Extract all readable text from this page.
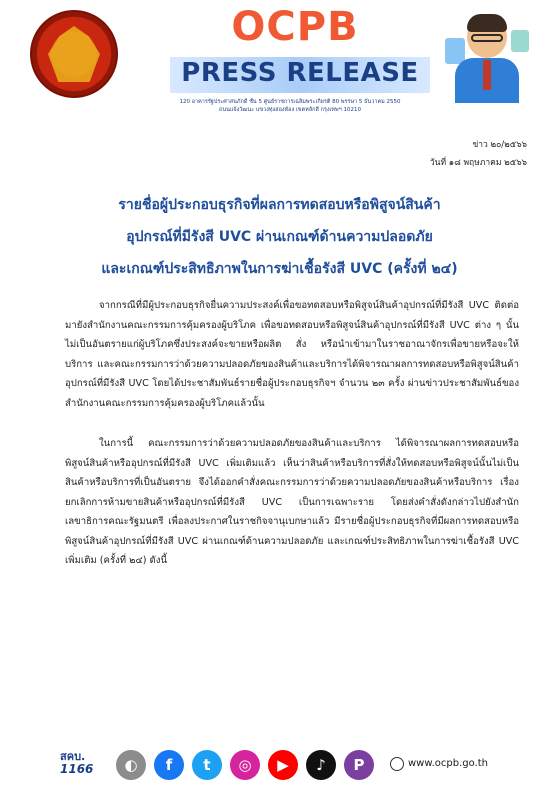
OCPB
PRESS RELEASE
120 อาคารรัฐประศาสนภักดี ชั้น 5 ศูนย์ราชการเฉลิมพระเกียรติ 80 พรรษา 5 ธันวาคม 2550
ถนนแจ้งวัฒนะ แขวงทุ่งสองห้อง เขตหลักสี่ กรุงเทพฯ 10210
ข่าว ๒๐/๒๕๖๖
วันที่ ๑๘ พฤษภาคม ๒๕๖๖
รายชื่อผู้ประกอบธุรกิจที่ผลการทดสอบหรือพิสูจน์สินค้า
อุปกรณ์ที่มีรังสี UVC ผ่านเกณฑ์ด้านความปลอดภัย
และเกณฑ์ประสิทธิภาพในการฆ่าเชื้อรังสี UVC (ครั้งที่ ๒๔)
จากกรณีที่มีผู้ประกอบธุรกิจยื่นความประสงค์เพื่อขอทดสอบหรือพิสูจน์สินค้าอุปกรณ์ที่มีรังสี UVC ติดต่อมายังสำนักงานคณะกรรมการคุ้มครองผู้บริโภค เพื่อขอทดสอบหรือพิสูจน์สินค้าอุปกรณ์ที่มีรังสี UVC ต่าง ๆ นั้นไม่เป็นอันตรายแก่ผู้บริโภคซึ่งประสงค์จะขายหรือผลิต สั่ง หรือนำเข้ามาในราชอาณาจักรเพื่อขายหรือจะให้บริการ และคณะกรรมการว่าด้วยความปลอดภัยของสินค้าและบริการได้พิจารณาผลการทดสอบหรือพิสูจน์สินค้าอุปกรณ์ที่มีรังสี UVC โดยได้ประชาสัมพันธ์รายชื่อผู้ประกอบธุรกิจฯ จำนวน ๒๓ ครั้ง ผ่านข่าวประชาสัมพันธ์ของสำนักงานคณะกรรมการคุ้มครองผู้บริโภคแล้วนั้น
ในการนี้ คณะกรรมการว่าด้วยความปลอดภัยของสินค้าและบริการ ได้พิจารณาผลการทดสอบหรือพิสูจน์สินค้าหรืออุปกรณ์ที่มีรังสี UVC เพิ่มเติมแล้ว เห็นว่าสินค้าหรือบริการที่สั่งให้ทดสอบหรือพิสูจน์นั้นไม่เป็นสินค้าหรือบริการที่เป็นอันตราย จึงได้ออกคำสั่งคณะกรรมการว่าด้วยความปลอดภัยของสินค้าหรือบริการ เรื่อง ยกเลิกการห้ามขายสินค้าหรืออุปกรณ์ที่มีรังสี UVC เป็นการเฉพาะราย โดยส่งคำสั่งดังกล่าวไปยังสำนักเลขาธิการคณะรัฐมนตรี เพื่อลงประกาศในราชกิจจานุเบกษาแล้ว มีรายชื่อผู้ประกอบธุรกิจที่มีผลการทดสอบหรือพิสูจน์สินค้าอุปกรณ์ที่มีรังสี UVC ผ่านเกณฑ์ด้านความปลอดภัย และเกณฑ์ประสิทธิภาพในการฆ่าเชื้อรังสี UVC เพิ่มเติม (ครั้งที่ ๒๔) ดังนี้
สคบ.
1166	www.ocpb.go.th
◐	f	t	◎	▶	♪	P
